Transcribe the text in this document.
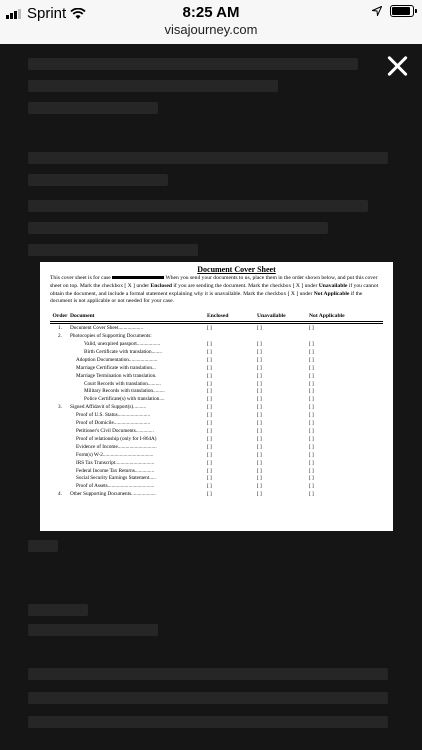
Sprint	8:25 AM
visajourney.com
Document Cover Sheet
This cover sheet is for case	When you send your documents to us, place them in the order shown below, and put this cover sheet on top. Mark the checkbox [ X ] under Enclosed if you are sending the document. Mark the checkbox [ X ] under Unavailable if you cannot obtain the document, and include a formal statement explaining why it is unavailable. Mark the checkbox [ X ] under Not Applicable if the document is not applicable or not needed for your case.
Order Document	Enclosed	Unavailable	Not Applicable
1.	Document Cover Sheet...................	[ ]	[ ]	[ ]
2.	Photocopies of Supporting Documents:
Valid, unexpired passport..................	[ ]	[ ]	[ ]
Birth Certificate with translation........	[ ]	[ ]	[ ]
Adoption Documentation......................	[ ]	[ ]	[ ]
Marriage Certificate with translation...	[ ]	[ ]	[ ]
Marriage Termination with translation.	[ ]	[ ]	[ ]
Court Records with translation..........	[ ]	[ ]	[ ]
Military Records with translation.........	[ ]	[ ]	[ ]
Police Certificate(s) with translation....	[ ]	[ ]	[ ]
3.	Signed Affidavit of Support(s)..........	[ ]	[ ]	[ ]
Proof of U.S. Status.........................	[ ]	[ ]	[ ]
Proof of Domicile............................	[ ]	[ ]	[ ]
Petitioner's Civil Documents..............	[ ]	[ ]	[ ]
Proof of relationship (only for I-864A)	[ ]	[ ]	[ ]
Evidence of Income..............................	[ ]	[ ]	[ ]
Form(s) W-2.......................................	[ ]	[ ]	[ ]
IRS Tax Transcript..............................	[ ]	[ ]	[ ]
Federal Income Tax Returns...............	[ ]	[ ]	[ ]
Social Security Earnings Statement.....	[ ]	[ ]	[ ]
Proof of Assets....................................	[ ]	[ ]	[ ]
4.	Other Supporting Documents...................	[ ]	[ ]	[ ]
